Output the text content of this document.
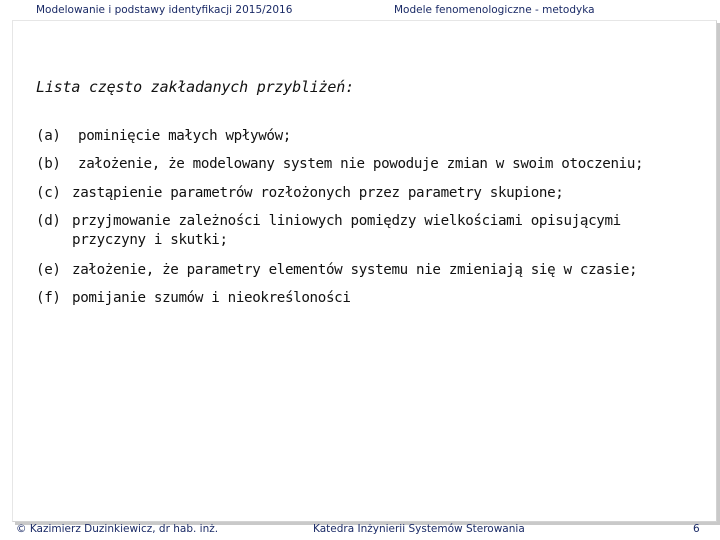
Modelowanie i podstawy identyfikacji 2015/2016	Modele fenomenologiczne - metodyka
Lista często zakładanych przybliżeń:
(a) pominięcie małych wpływów;
(b) założenie, że modelowany system nie powoduje zmian w swoim otoczeniu;
(c) zastąpienie parametrów rozłożonych przez parametry skupione;
(d) przyjmowanie zależności liniowych pomiędzy wielkościami opisującymi
przyczyny i skutki;
(e) założenie, że parametry elementów systemu nie zmieniają się w czasie;
(f) pomijanie szumów i nieokreśloności
© Kazimierz Duzinkiewicz, dr hab. inż.	Katedra Inżynierii Systemów Sterowania	6
